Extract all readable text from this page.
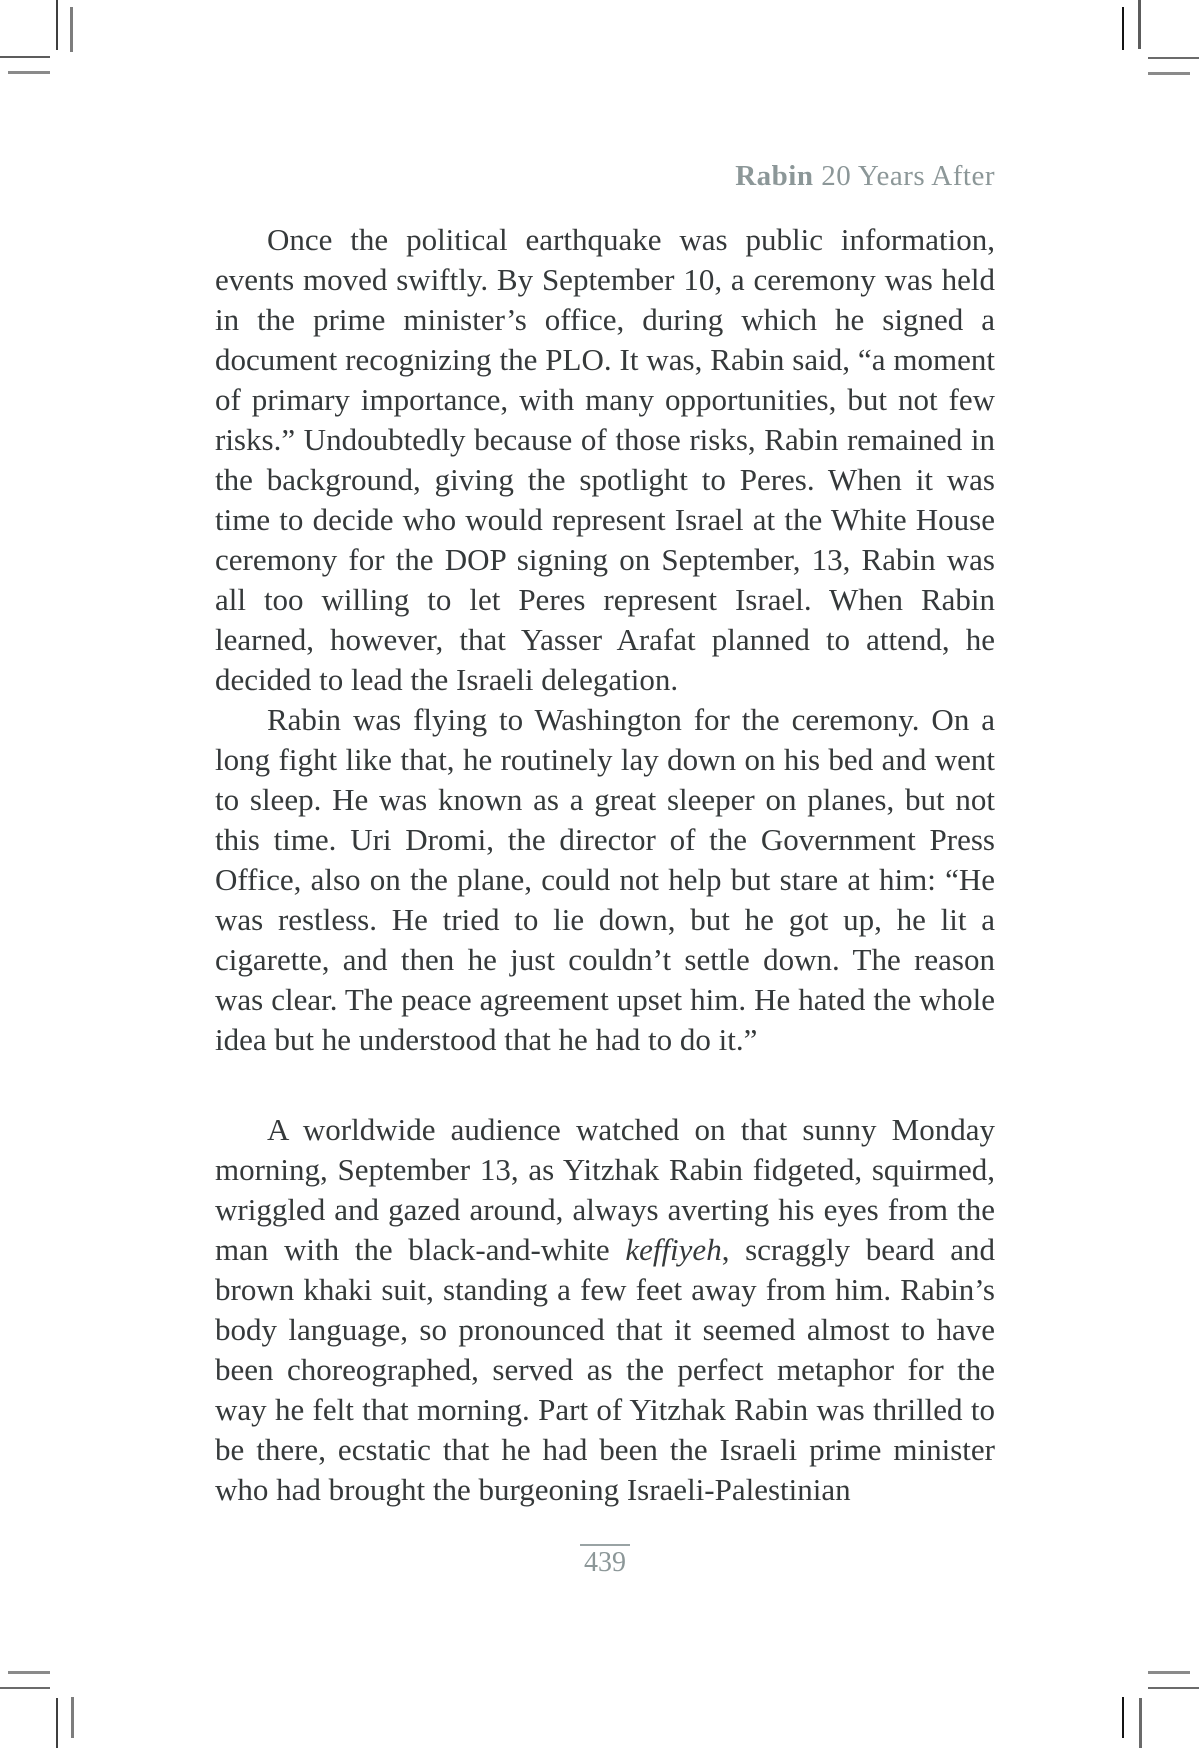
Rabin 20 Years After

Once the political earthquake was public information, events moved swiftly. By September 10, a ceremony was held in the prime minister’s office, during which he signed a document recognizing the PLO. It was, Rabin said, “a moment of primary importance, with many opportunities, but not few risks.” Undoubtedly because of those risks, Rabin remained in the background, giving the spotlight to Peres. When it was time to decide who would represent Israel at the White House ceremony for the DOP signing on September, 13, Rabin was all too willing to let Peres represent Israel. When Rabin learned, however, that Yasser Arafat planned to attend, he decided to lead the Israeli delegation.

Rabin was flying to Washington for the ceremony. On a long fight like that, he routinely lay down on his bed and went to sleep. He was known as a great sleeper on planes, but not this time. Uri Dromi, the director of the Government Press Office, also on the plane, could not help but stare at him: “He was restless. He tried to lie down, but he got up, he lit a cigarette, and then he just couldn’t settle down. The reason was clear. The peace agreement upset him. He hated the whole idea but he understood that he had to do it.”

A worldwide audience watched on that sunny Monday morning, September 13, as Yitzhak Rabin fidgeted, squirmed, wriggled and gazed around, always averting his eyes from the man with the black-and-white keffiyeh, scraggly beard and brown khaki suit, standing a few feet away from him. Rabin’s body language, so pronounced that it seemed almost to have been choreographed, served as the perfect metaphor for the way he felt that morning. Part of Yitzhak Rabin was thrilled to be there, ecstatic that he had been the Israeli prime minister who had brought the burgeoning Israeli-Palestinian

439
